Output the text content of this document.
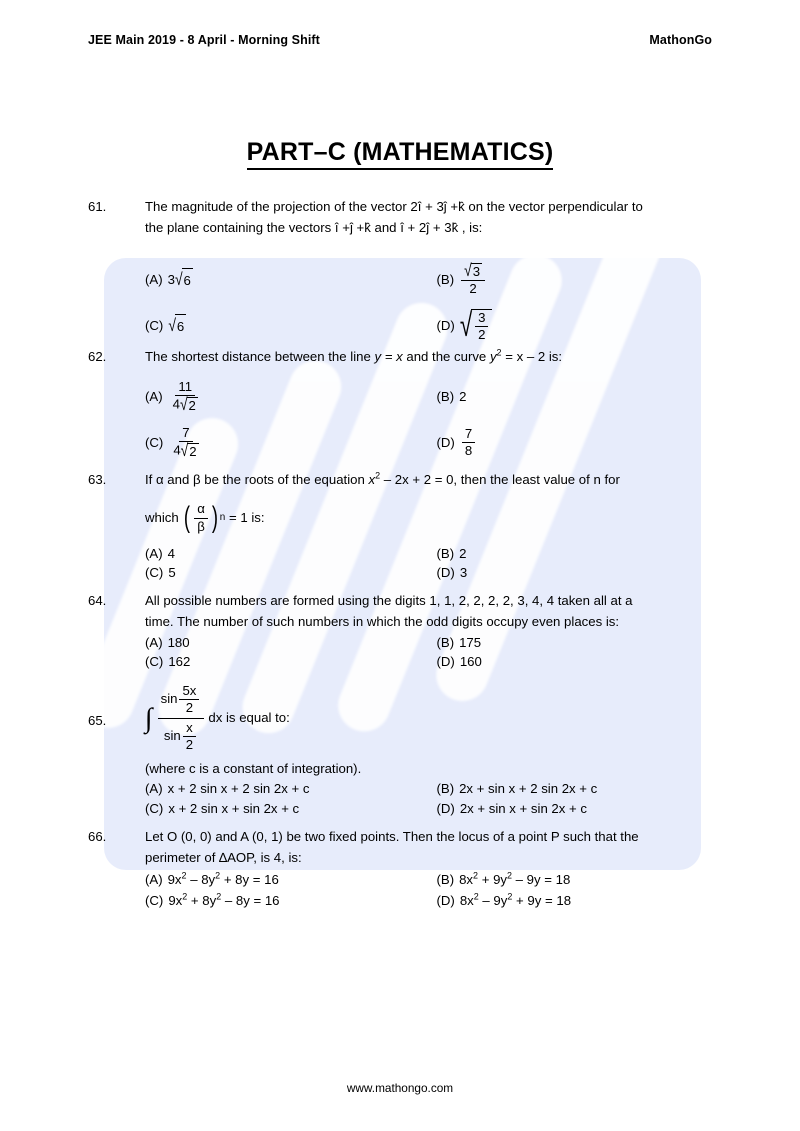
JEE Main 2019 - 8 April - Morning Shift	MathonGo
PART–C (MATHEMATICS)
61.	The magnitude of the projection of the vector 2î + 3ĵ +k̂ on the vector perpendicular to
the plane containing the vectors î +ĵ +k̂ and î + 2ĵ + 3k̂ , is:
(A) 3 √ 6	$(B) \frac{√ 3}{2}$
(C) √ 6	(D) √ $\frac{3}{2}$
62.	The shortest distance between the line y = x and the curve $y^2 = x - 2$ is:
$(A) \frac{11}{4 √ 2}$	(B) 2
$(C) \frac{7}{4 √ 2}$	$(D) \frac{7}{8}$
63.	If α and β be the roots of the equation $x^2 - 2x + 2 = 0$, then the least value of n for
which
( $\frac{\alpha}{\beta}$ ) n
= 1 is:
(A) 4	(B) 2
(C) 5	(D) 3
64.	All possible numbers are formed using the digits 1, 1, 2, 2, 2, 2, 3, 4, 4 taken all at a
time. The number of such numbers in which the odd digits occupy even places is:
(A) 180	(B) 175
(C) 162	(D) 160
65.	∫ $\frac{\sin \frac{5x}{2}}{\sin \frac{x}{2}}$ dx
is equal to:
(where c is a constant of integration).
(A) x + 2 sin x + 2 sin 2x + c	(B) 2x + sin x + 2 sin 2x + c
(C) x + 2 sin x + sin 2x + c	(D) 2x + sin x + sin 2x + c
66.	Let O (0, 0) and A (0, 1) be two fixed points. Then the locus of a point P such that the
perimeter of ∆AOP, is 4, is:
(A) $9x^2 - 8y^2 + 8y = 16$	(B) $8x^2 + 9y^2 - 9y = 18$
(C) $9x^2 + 8y^2 - 8y = 16$	(D) $8x^2 - 9y^2 + 9y = 18$
www.mathongo.com
